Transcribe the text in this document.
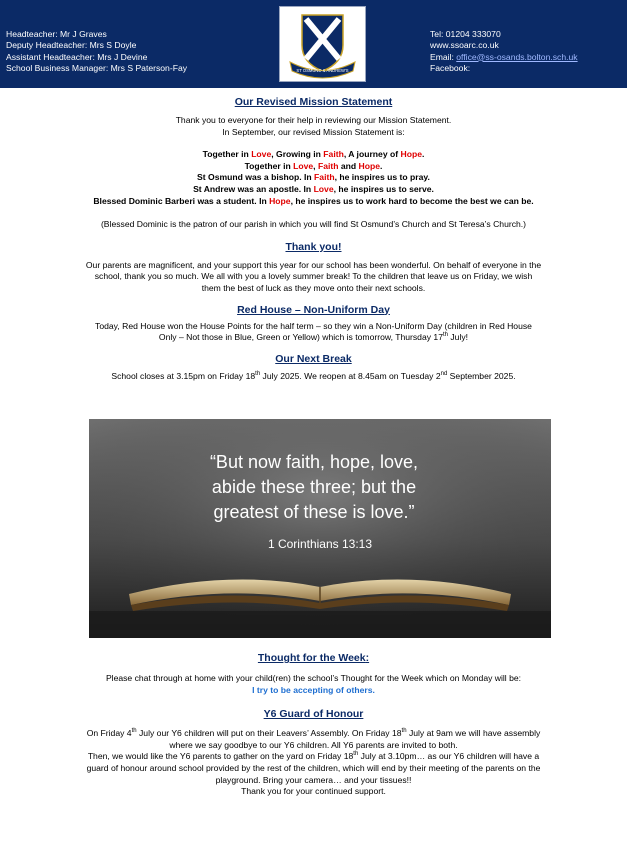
Headteacher: Mr J Graves
Deputy Headteacher: Mrs S Doyle
Assistant Headteacher: Mrs J Devine
School Business Manager: Mrs S Paterson-Fay	ST OSMUND & ANDREW'S
Tel: 01204 333070
www.ssoarc.co.uk
Email: office@ss-osands.bolton.sch.uk
Facebook:
Our Revised Mission Statement
Thank you to everyone for their help in reviewing our Mission Statement.
In September, our revised Mission Statement is:
Together in Love, Growing in Faith, A journey of Hope.
Together in Love, Faith and Hope.
St Osmund was a bishop. In Faith, he inspires us to pray.
St Andrew was an apostle. In Love, he inspires us to serve.
Blessed Dominic Barberi was a student. In Hope, he inspires us to work hard to become the best we can be.
(Blessed Dominic is the patron of our parish in which you will find St Osmund’s Church and St Teresa’s Church.)
Thank you!
Our parents are magnificent, and your support this year for our school has been wonderful. On behalf of everyone in the
school, thank you so much. We all with you a lovely summer break! To the children that leave us on Friday, we wish
them the best of luck as they move onto their next schools.
Red House – Non-Uniform Day
Today, Red House won the House Points for the half term – so they win a Non-Uniform Day (children in Red House
Only – Not those in Blue, Green or Yellow) which is tomorrow, Thursday 17th July!
Our Next Break
School closes at 3.15pm on Friday 18th July 2025. We reopen at 8.45am on Tuesday 2nd September 2025.
“But now faith, hope, love,
abide these three; but the
greatest of these is love.”
1 Corinthians 13:13
Thought for the Week:
Please chat through at home with your child(ren) the school’s Thought for the Week which on Monday will be:
I try to be accepting of others.
Y6 Guard of Honour
On Friday 4th July our Y6 children will put on their Leavers’ Assembly. On Friday 18th July at 9am we will have assembly
where we say goodbye to our Y6 children. All Y6 parents are invited to both.
Then, we would like the Y6 parents to gather on the yard on Friday 18th July at 3.10pm… as our Y6 children will have a
guard of honour around school provided by the rest of the children, which will end by their meeting of the parents on the
playground. Bring your camera… and your tissues!!
Thank you for your continued support.
